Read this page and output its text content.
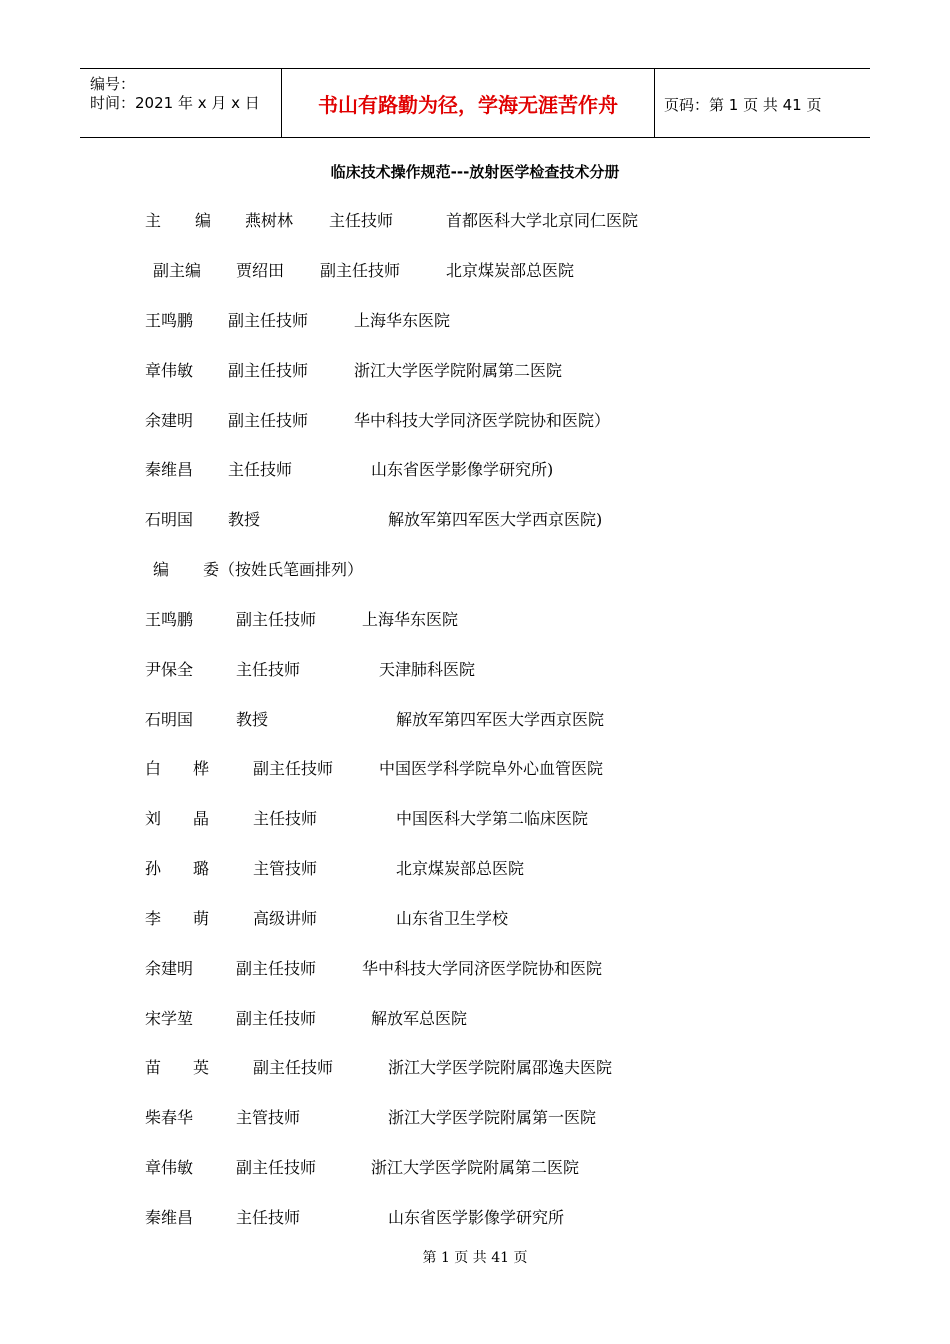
编号：
时间：2021 年 x 月 x 日	书山有路勤为径，学海无涯苦作舟	页码：第 1 页 共 41 页
临床技术操作规范---放射医学检查技术分册
主 编 燕树林 主任技师	首都医科大学北京同仁医院
副主编 贾绍田 副主任技师	北京煤炭部总医院
王鸣鹏 副主任技师	上海华东医院
章伟敏 副主任技师	浙江大学医学院附属第二医院
余建明 副主任技师	华中科技大学同济医学院协和医院）
秦维昌 主任技师	山东省医学影像学研究所)
石明国 教授	解放军第四军医大学西京医院)
编 委（按姓氏笔画排列）
王鸣鹏	副主任技师	上海华东医院
尹保全	主任技师	天津肺科医院
石明国	教授	解放军第四军医大学西京医院
白　　桦	副主任技师	中国医学科学院阜外心血管医院
刘　　晶	主任技师	中国医科大学第二临床医院
孙　　璐	主管技师	北京煤炭部总医院
李　　萌	高级讲师	山东省卫生学校
余建明	副主任技师	华中科技大学同济医学院协和医院
宋学堃	副主任技师	解放军总医院
苗　　英	副主任技师	浙江大学医学院附属邵逸夫医院
柴春华	主管技师	浙江大学医学院附属第一医院
章伟敏	副主任技师	浙江大学医学院附属第二医院
秦维昌	主任技师	山东省医学影像学研究所
第 1 页 共 41 页
